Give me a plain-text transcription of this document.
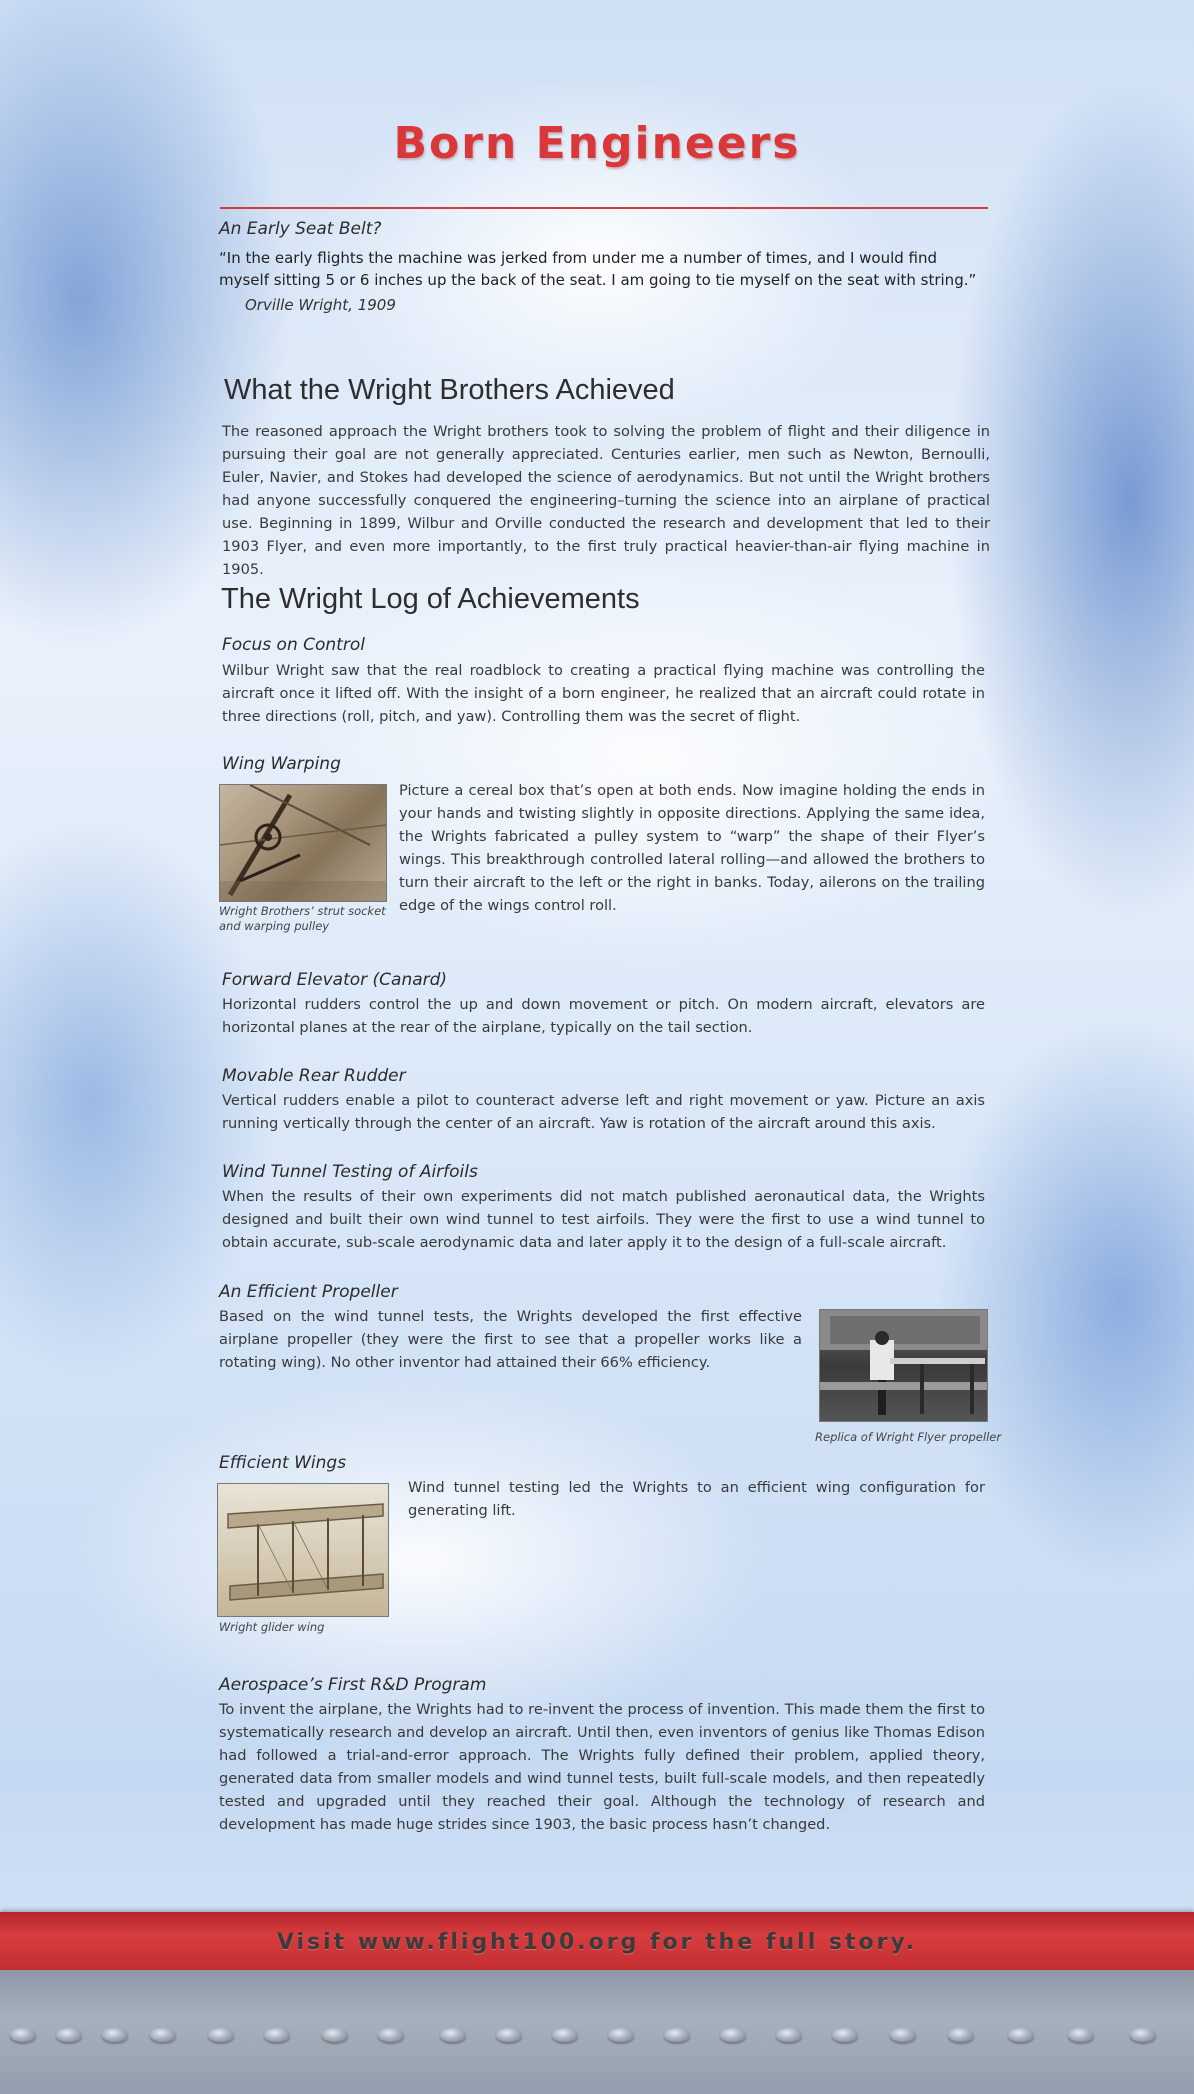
Born Engineers
An Early Seat Belt?
“In the early flights the machine was jerked from under me a number of times, and I would find myself sitting 5 or 6 inches up the back of the seat. I am going to tie myself on the seat with string.”
Orville Wright, 1909
What the Wright Brothers Achieved
The reasoned approach the Wright brothers took to solving the problem of flight and their diligence in pursuing their goal are not generally appreciated. Centuries earlier, men such as Newton, Bernoulli, Euler, Navier, and Stokes had developed the science of aerodynamics. But not until the Wright brothers had anyone successfully conquered the engineering–turning the science into an airplane of practical use. Beginning in 1899, Wilbur and Orville conducted the research and development that led to their 1903 Flyer, and even more importantly, to the first truly practical heavier-than-air flying machine in 1905.
The Wright Log of Achievements
Focus on Control
Wilbur Wright saw that the real roadblock to creating a practical flying machine was controlling the aircraft once it lifted off. With the insight of a born engineer, he realized that an aircraft could rotate in three directions (roll, pitch, and yaw). Controlling them was the secret of flight.
Wing Warping
Wright Brothers’ strut socket
and warping pulley
Picture a cereal box that’s open at both ends. Now imagine holding the ends in your hands and twisting slightly in opposite directions. Applying the same idea, the Wrights fabricated a pulley system to “warp” the shape of their Flyer’s wings. This breakthrough controlled lateral rolling—and allowed the brothers to turn their aircraft to the left or the right in banks. Today, ailerons on the trailing edge of the wings control roll.
Forward Elevator (Canard)
Horizontal rudders control the up and down movement or pitch. On modern aircraft, elevators are horizontal planes at the rear of the airplane, typically on the tail section.
Movable Rear Rudder
Vertical rudders enable a pilot to counteract adverse left and right movement or yaw. Picture an axis running vertically through the center of an aircraft. Yaw is rotation of the aircraft around this axis.
Wind Tunnel Testing of Airfoils
When the results of their own experiments did not match published aeronautical data, the Wrights designed and built their own wind tunnel to test airfoils. They were the first to use a wind tunnel to obtain accurate, sub-scale aerodynamic data and later apply it to the design of a full-scale aircraft.
An Efficient Propeller
Based on the wind tunnel tests, the Wrights developed the first effective airplane propeller (they were the first to see that a propeller works like a rotating wing). No other inventor had attained their 66% efficiency.
Replica of Wright Flyer propeller
Efficient Wings
Wright glider wing
Wind tunnel testing led the Wrights to an efficient wing configuration for generating lift.
Aerospace’s First R&D Program
To invent the airplane, the Wrights had to re-invent the process of invention. This made them the first to systematically research and develop an aircraft. Until then, even inventors of genius like Thomas Edison had followed a trial-and-error approach. The Wrights fully defined their problem, applied theory, generated data from smaller models and wind tunnel tests, built full-scale models, and then repeatedly tested and upgraded until they reached their goal. Although the technology of research and development has made huge strides since 1903, the basic process hasn’t changed.
Visit www.flight100.org for the full story.
